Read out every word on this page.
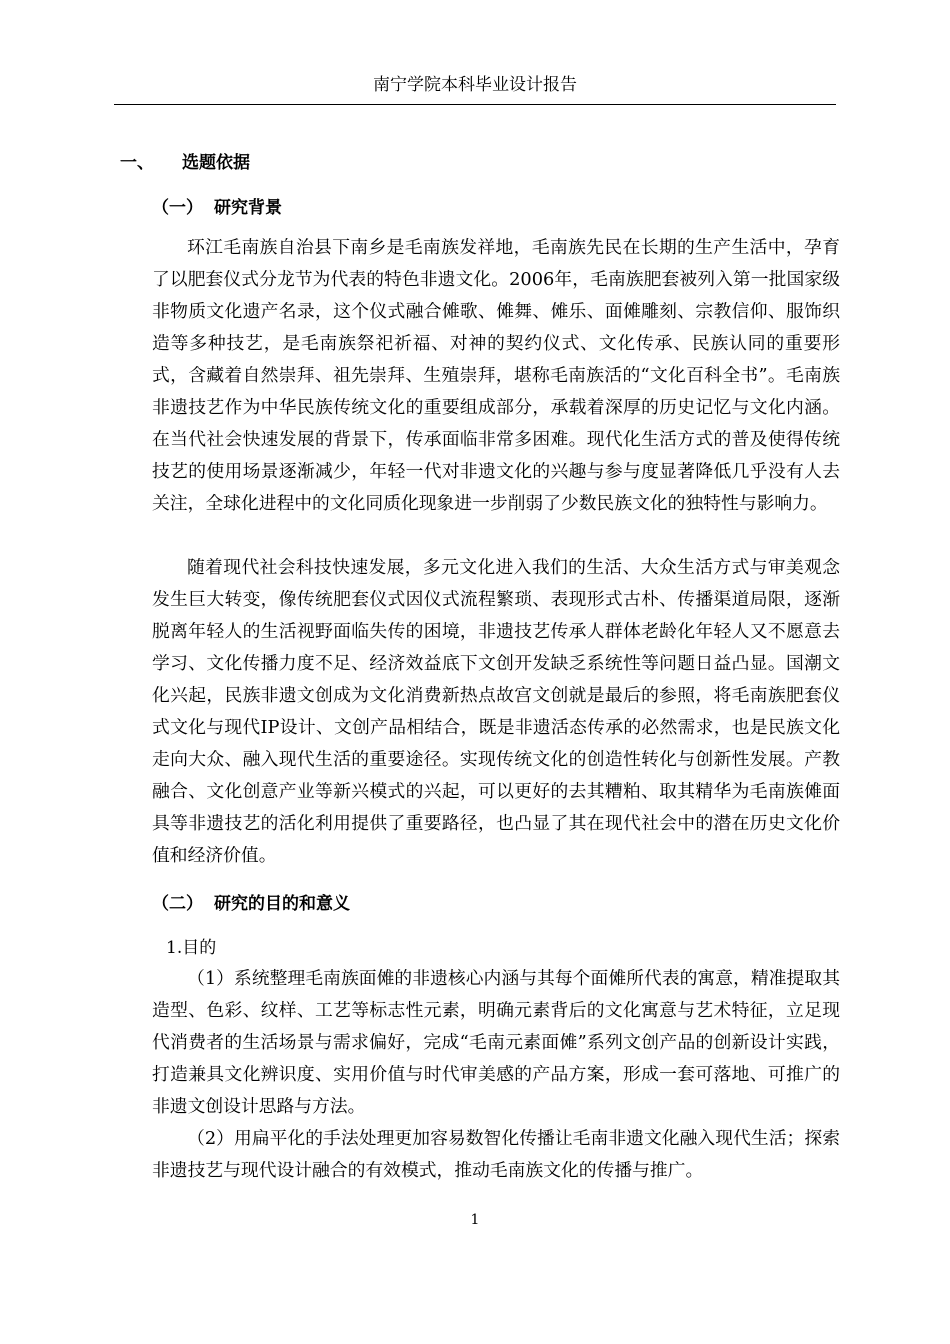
南宁学院本科毕业设计报告
一、 选题依据
（一） 研究背景

环江毛南族自治县下南乡是毛南族发祥地，毛南族先民在长期的生产生活中，孕育了以肥套仪式分龙节为代表的特色非遗文化。2006年，毛南族肥套被列入第一批国家级非物质文化遗产名录，这个仪式融合傩歌、傩舞、傩乐、面傩雕刻、宗教信仰、服饰织造等多种技艺，是毛南族祭祀祈福、对神的契约仪式、文化传承、民族认同的重要形式，含藏着自然崇拜、祖先崇拜、生殖崇拜，堪称毛南族活的“文化百科全书”。毛南族非遗技艺作为中华民族传统文化的重要组成部分，承载着深厚的历史记忆与文化内涵。在当代社会快速发展的背景下，传承面临非常多困难。现代化生活方式的普及使得传统技艺的使用场景逐渐减少，年轻一代对非遗文化的兴趣与参与度显著降低几乎没有人去关注，全球化进程中的文化同质化现象进一步削弱了少数民族文化的独特性与影响力。

随着现代社会科技快速发展，多元文化进入我们的生活、大众生活方式与审美观念发生巨大转变，像传统肥套仪式因仪式流程繁琐、表现形式古朴、传播渠道局限，逐渐脱离年轻人的生活视野面临失传的困境，非遗技艺传承人群体老龄化年轻人又不愿意去学习、文化传播力度不足、经济效益底下文创开发缺乏系统性等问题日益凸显。国潮文化兴起，民族非遗文创成为文化消费新热点故宫文创就是最后的参照，将毛南族肥套仪式文化与现代IP设计、文创产品相结合，既是非遗活态传承的必然需求，也是民族文化走向大众、融入现代生活的重要途径。实现传统文化的创造性转化与创新性发展。产教融合、文化创意产业等新兴模式的兴起，可以更好的去其糟粕、取其精华为毛南族傩面具等非遗技艺的活化利用提供了重要路径，也凸显了其在现代社会中的潜在历史文化价值和经济价值。

（二） 研究的目的和意义
1.目的

（1）系统整理毛南族面傩的非遗核心内涵与其每个面傩所代表的寓意，精准提取其造型、色彩、纹样、工艺等标志性元素，明确元素背后的文化寓意与艺术特征，立足现代消费者的生活场景与需求偏好，完成“毛南元素面傩”系列文创产品的创新设计实践，打造兼具文化辨识度、实用价值与时代审美感的产品方案，形成一套可落地、可推广的非遗文创设计思路与方法。

（2）用扁平化的手法处理更加容易数智化传播让毛南非遗文化融入现代生活；探索非遗技艺与现代设计融合的有效模式，推动毛南族文化的传播与推广。

1
